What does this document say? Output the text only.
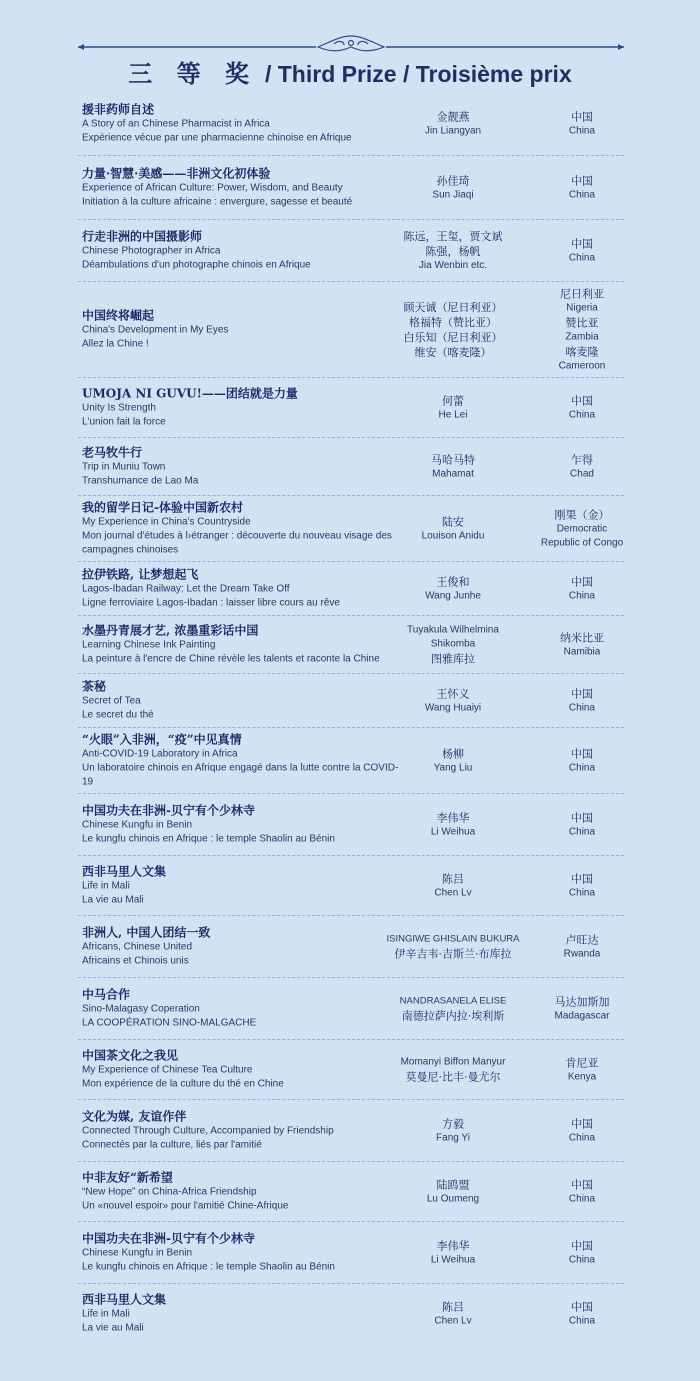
三 等 奖 / Third Prize / Troisième prix
援非药师自述
A Story of an Chinese Pharmacist in Africa
Expérience vécue par une pharmacienne chinoise en Afrique
金靓燕
Jin Liangyan
中国
China
力量·智慧·美感——非洲文化初体验
Experience of African Culture: Power, Wisdom, and Beauty
Initiation à la culture africaine : envergure, sagesse et beauté
孙佳琦
Sun Jiaqi
中国
China
行走非洲的中国摄影师
Chinese Photographer in Africa
Déambulations d'un photographe chinois en Afrique
陈远，王玺，贾文斌
陈强，杨帆
Jia Wenbin etc.
中国
China
中国终将崛起
China's Development in My Eyes
Allez la Chine !
顾天诚（尼日利亚）
格福特（赞比亚）
白乐知（尼日利亚）
维安（喀麦隆）
尼日利亚
Nigeria
赞比亚
Zambia
喀麦隆
Cameroon
UMOJA NI GUVU!——团结就是力量
Unity Is Strength
L'union fait la force
何蕾
He Lei
中国
China
老马牧牛行
Trip in Muniu Town
Transhumance de Lao Ma
马哈马特
Mahamat
乍得
Chad
我的留学日记-体验中国新农村
My Experience in China's Countryside
Mon journal d'études à l›étranger : découverte du nouveau visage des campagnes chinoises
陆安
Louison Anidu
刚果（金）
Democratic
Republic of Congo
拉伊铁路, 让梦想起飞
Lagos-Ibadan Railway: Let the Dream Take Off
Ligne ferroviaire Lagos-Ibadan : laisser libre cours au rêve
王俊和
Wang Junhe
中国
China
水墨丹青展才艺, 浓墨重彩话中国
Learning Chinese Ink Painting
La peinture à l'encre de Chine révèle les talents et raconte la Chine
Tuyakula Wilhelmina
Shikomba
图雅库拉
纳米比亚
Namibia
茶秘
Secret of Tea
Le secret du thé
王怀义
Wang Huaiyi
中国
China
“火眼”入非洲，“疫”中见真情
Anti-COVID-19 Laboratory in Africa
Un laboratoire chinois en Afrique engagé dans la lutte contre la COVID-19
杨柳
Yang Liu
中国
China
中国功夫在非洲-贝宁有个少林寺
Chinese Kungfu in Benin
Le kungfu chinois en Afrique : le temple Shaolin au Bénin
李伟华
Li Weihua
中国
China
西非马里人文集
Life in Mali
La vie au Mali
陈吕
Chen Lv
中国
China
非洲人, 中国人团结一致
Africans, Chinese United
Africains et Chinois unis
ISINGIWE GHISLAIN BUKURA
伊辛吉韦·吉斯兰·布库拉
卢旺达
Rwanda
中马合作
Sino-Malagasy Coperation
LA COOPÉRATION SINO-MALGACHE
NANDRASANELA ELISE
南德拉萨内拉·埃利斯
马达加斯加
Madagascar
中国茶文化之我见
My Experience of Chinese Tea Culture
Mon expérience de la culture du thé en Chine
Momanyi Biffon Manyur
莫曼尼·比丰·曼尤尔
肯尼亚
Kenya
文化为媒, 友谊作伴
Connected Through Culture, Accompanied by Friendship
Connectés par la culture, liés par l'amitié
方毅
Fang Yi
中国
China
中非友好“新希望
“New Hope” on China-Africa Friendship
Un «nouvel espoir» pour l'amitié Chine-Afrique
陆鸥盟
Lu Oumeng
中国
China
中国功夫在非洲-贝宁有个少林寺
Chinese Kungfu in Benin
Le kungfu chinois en Afrique : le temple Shaolin au Bénin
李伟华
Li Weihua
中国
China
西非马里人文集
Life in Mali
La vie au Mali
陈吕
Chen Lv
中国
China
